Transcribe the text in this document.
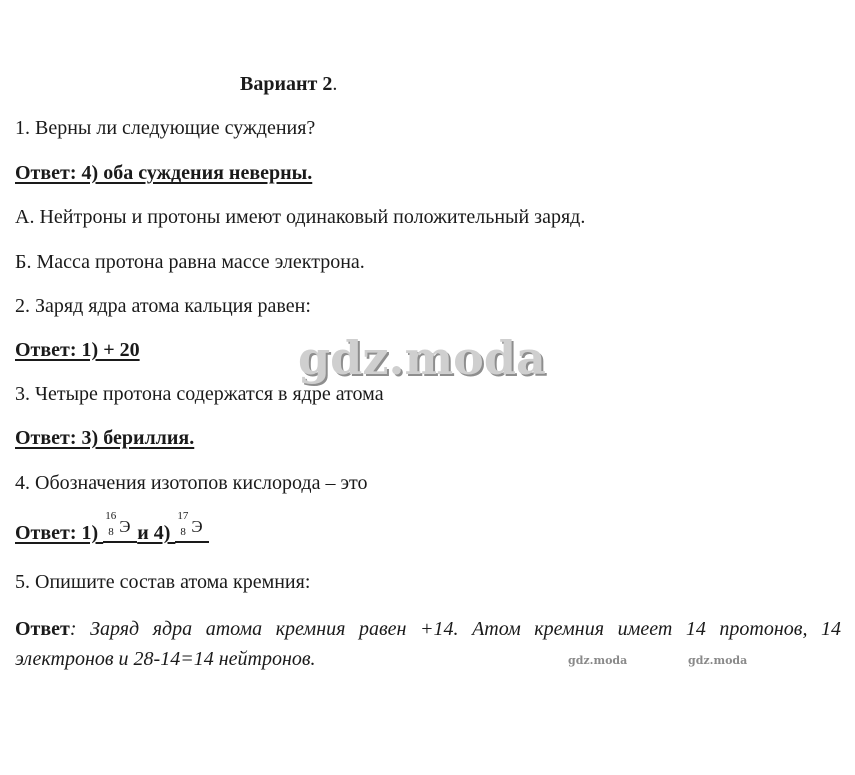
Вариант 2.
1. Верны ли следующие суждения?
Ответ: 4) оба суждения неверны.
А. Нейтроны и протоны имеют одинаковый положительный заряд.
Б. Масса протона равна массе электрона.
2. Заряд ядра атома кальция равен:
Ответ: 1) + 20
3. Четыре протона содержатся в ядре атома
Ответ: 3) бериллия.
4. Обозначения изотопов кислорода – это
Ответ: 1)
16
8 Э и 4)
17
8 Э
5. Опишите состав атома кремния:
Ответ: Заряд ядра атома кремния равен +14. Атом кремния имеет 14 протонов, 14 электронов и 28-14=14 нейтронов.
gdz.moda
gdz.moda	gdz.moda
